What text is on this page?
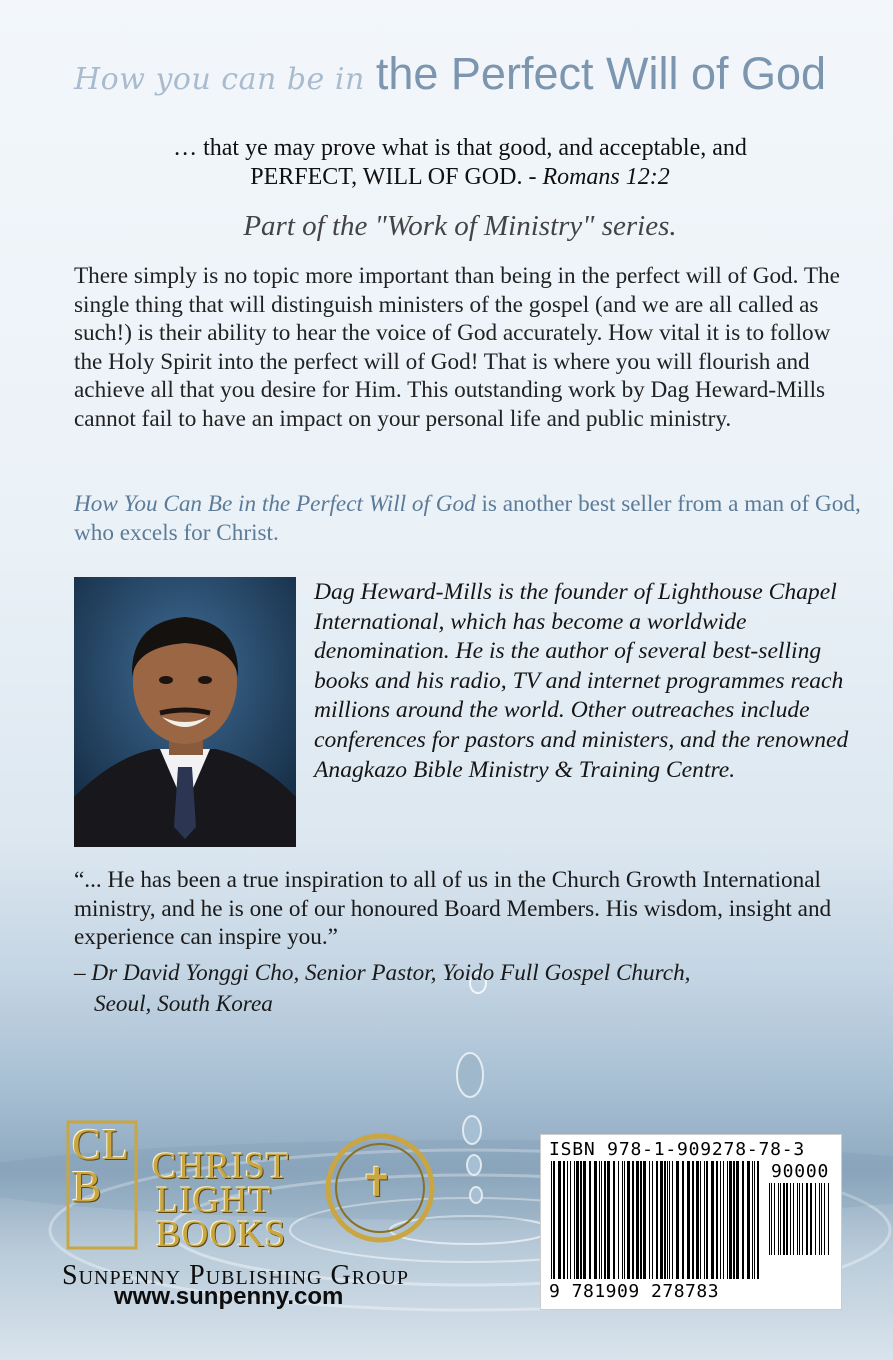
How you can be in the Perfect Will of God
… that ye may prove what is that good, and acceptable, and
PERFECT, WILL OF GOD. - Romans 12:2
Part of the "Work of Ministry" series.

There simply is no topic more important than being in the perfect will of God. The single thing that will distinguish ministers of the gospel (and we are all called as such!) is their ability to hear the voice of God accurately. How vital it is to follow the Holy Spirit into the perfect will of God! That is where you will flourish and achieve all that you desire for Him. This outstanding work by Dag Heward-Mills cannot fail to have an impact on your personal life and public ministry.

How You Can Be in the Perfect Will of God is another best seller from a man of God, who excels for Christ.
Dag Heward-Mills is the founder of Lighthouse Chapel International, which has become a worldwide denomination. He is the author of several best-selling books and his radio, TV and internet programmes reach millions around the world. Other outreaches include conferences for pastors and ministers, and the renowned Anagkazo Bible Ministry & Training Centre.
“... He has been a true inspiration to all of us in the Church Growth International ministry, and he is one of our honoured Board Members. His wisdom, insight and experience can inspire you.”
– Dr David Yonggi Cho, Senior Pastor, Yoido Full Gospel Church,
Seoul, South Korea
CLB	CHRIST
LIGHT
BOOKS
✝
Sunpenny Publishing Group
www.sunpenny.com
ISBN 978-1-909278-78-3
90000
9 781909 278783
